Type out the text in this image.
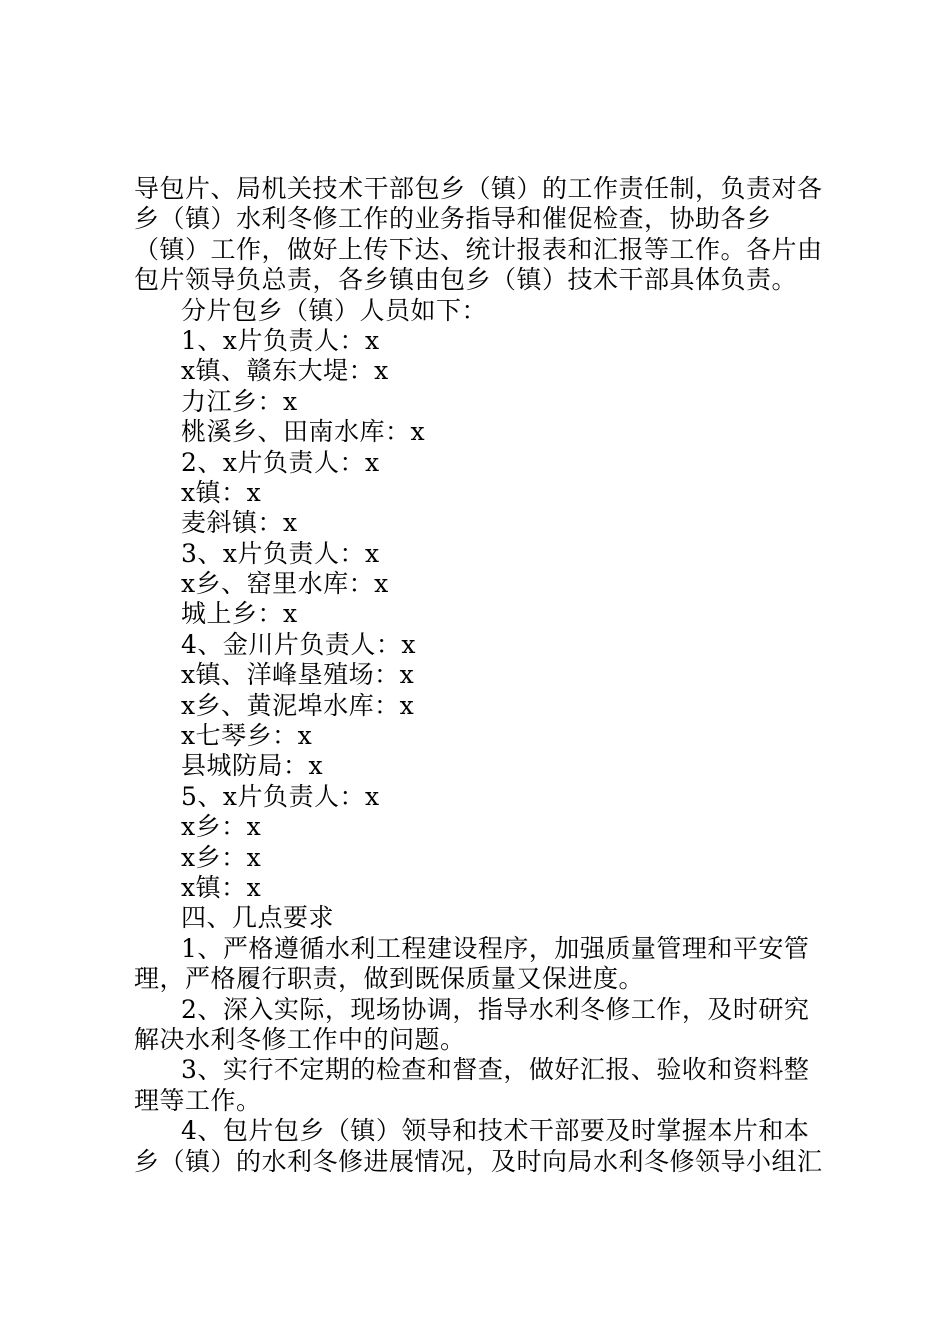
导包片、局机关技术干部包乡（镇）的工作责任制，负责对各
乡（镇）水利冬修工作的业务指导和催促检查，协助各乡
（镇）工作，做好上传下达、统计报表和汇报等工作。各片由
包片领导负总责，各乡镇由包乡（镇）技术干部具体负责。
分片包乡（镇）人员如下：
1、x片负责人：x
x镇、赣东大堤：x
力江乡：x
桃溪乡、田南水库：x
2、x片负责人：x
x镇：x
麦斜镇：x
3、x片负责人：x
x乡、窑里水库：x
城上乡：x
4、金川片负责人：x
x镇、洋峰垦殖场：x
x乡、黄泥埠水库：x
x七琴乡：x
县城防局：x
5、x片负责人：x
x乡：x
x乡：x
x镇：x
四、几点要求
1、严格遵循水利工程建设程序，加强质量管理和平安管
理，严格履行职责，做到既保质量又保进度。
2、深入实际，现场协调，指导水利冬修工作，及时研究
解决水利冬修工作中的问题。
3、实行不定期的检查和督查，做好汇报、验收和资料整
理等工作。
4、包片包乡（镇）领导和技术干部要及时掌握本片和本
乡（镇）的水利冬修进展情况，及时向局水利冬修领导小组汇
